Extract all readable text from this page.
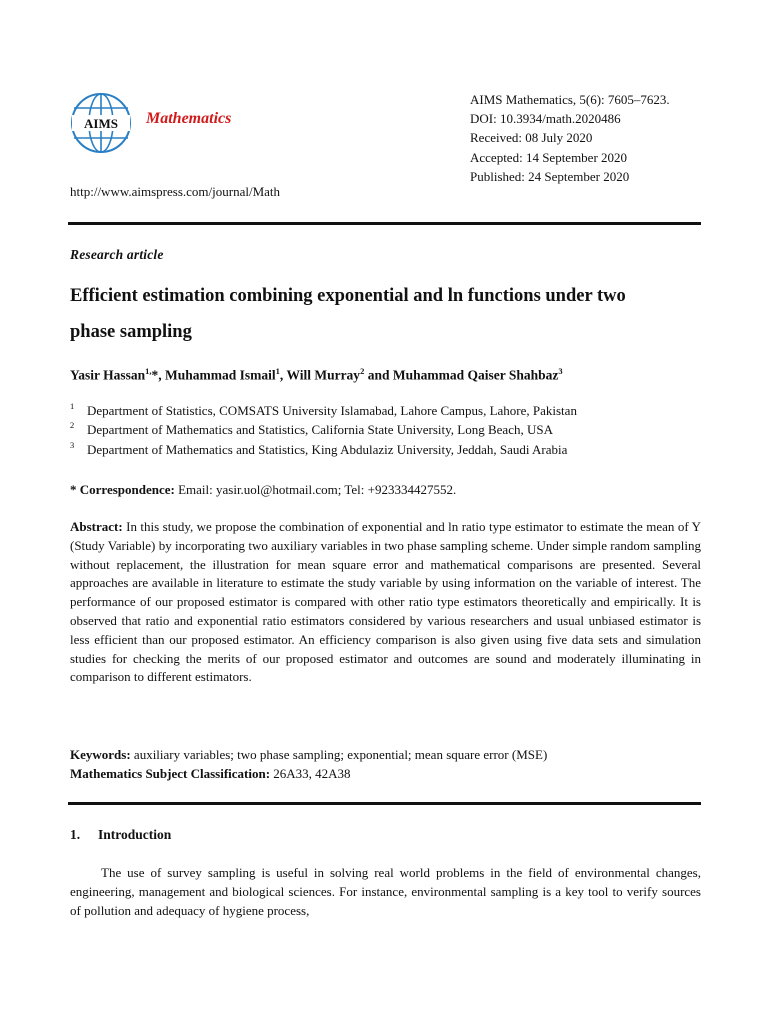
AIMS Mathematics
AIMS Mathematics, 5(6): 7605–7623.
DOI: 10.3934/math.2020486
Received: 08 July 2020
Accepted: 14 September 2020
Published: 24 September 2020
http://www.aimspress.com/journal/Math
Research article
Efficient estimation combining exponential and ln functions under two
phase sampling
Yasir Hassan$^{1,}$*, Muhammad Ismail$^1$, Will Murray$^2$ and Muhammad Qaiser Shahbaz$^3$
1 Department of Statistics, COMSATS University Islamabad, Lahore Campus, Lahore, Pakistan
2 Department of Mathematics and Statistics, California State University, Long Beach, USA
3 Department of Mathematics and Statistics, King Abdulaziz University, Jeddah, Saudi Arabia
* Correspondence: Email: yasir.uol@hotmail.com; Tel: +923334427552.
Abstract: In this study, we propose the combination of exponential and ln ratio type estimator to estimate the mean of Y (Study Variable) by incorporating two auxiliary variables in two phase sampling scheme. Under simple random sampling without replacement, the illustration for mean square error and mathematical comparisons are presented. Several approaches are available in literature to estimate the study variable by using information on the variable of interest. The performance of our proposed estimator is compared with other ratio type estimators theoretically and empirically. It is observed that ratio and exponential ratio estimators considered by various researchers and usual unbiased estimator is less efficient than our proposed estimator. An efficiency comparison is also given using five data sets and simulation studies for checking the merits of our proposed estimator and outcomes are sound and moderately illuminating in comparison to different estimators.
Keywords: auxiliary variables; two phase sampling; exponential; mean square error (MSE)
Mathematics Subject Classification: 26A33, 42A38
1. Introduction
The use of survey sampling is useful in solving real world problems in the field of environmental changes, engineering, management and biological sciences. For instance, environmental sampling is a key tool to verify sources of pollution and adequacy of hygiene process,
